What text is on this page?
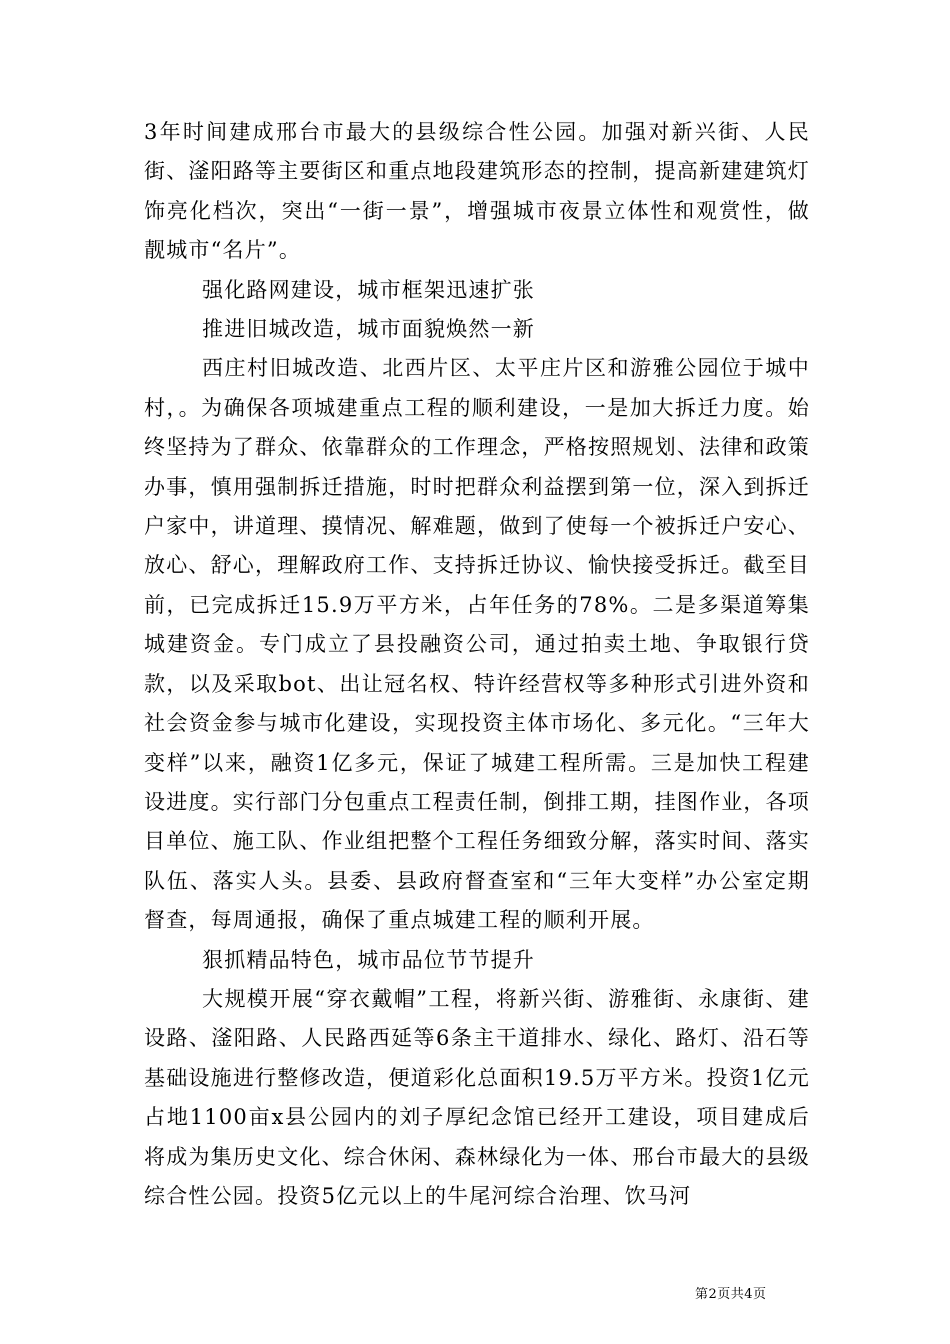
3年时间建成邢台市最大的县级综合性公园。加强对新兴街、人民街、滏阳路等主要街区和重点地段建筑形态的控制，提高新建建筑灯饰亮化档次，突出“一街一景”，增强城市夜景立体性和观赏性，做靓城市“名片”。

强化路网建设，城市框架迅速扩张

推进旧城改造，城市面貌焕然一新

西庄村旧城改造、北西片区、太平庄片区和游雅公园位于城中村，。为确保各项城建重点工程的顺利建设，一是加大拆迁力度。始终坚持为了群众、依靠群众的工作理念，严格按照规划、法律和政策办事，慎用强制拆迁措施，时时把群众利益摆到第一位，深入到拆迁户家中，讲道理、摸情况、解难题，做到了使每一个被拆迁户安心、放心、舒心，理解政府工作、支持拆迁协议、愉快接受拆迁。截至目前，已完成拆迁15.9万平方米，占年任务的78%。二是多渠道筹集城建资金。专门成立了县投融资公司，通过拍卖土地、争取银行贷款，以及采取bot、出让冠名权、特许经营权等多种形式引进外资和社会资金参与城市化建设，实现投资主体市场化、多元化。“三年大变样”以来，融资1亿多元，保证了城建工程所需。三是加快工程建设进度。实行部门分包重点工程责任制，倒排工期，挂图作业，各项目单位、施工队、作业组把整个工程任务细致分解，落实时间、落实队伍、落实人头。县委、县政府督查室和“三年大变样”办公室定期督查，每周通报，确保了重点城建工程的顺利开展。

狠抓精品特色，城市品位节节提升

大规模开展“穿衣戴帽”工程，将新兴街、游雅街、永康街、建设路、滏阳路、人民路西延等6条主干道排水、绿化、路灯、沿石等基础设施进行整修改造，便道彩化总面积19.5万平方米。投资1亿元占地1100亩x县公园内的刘子厚纪念馆已经开工建设，项目建成后将成为集历史文化、综合休闲、森林绿化为一体、邢台市最大的县级综合性公园。投资5亿元以上的牛尾河综合治理、饮马河

第2页共4页
